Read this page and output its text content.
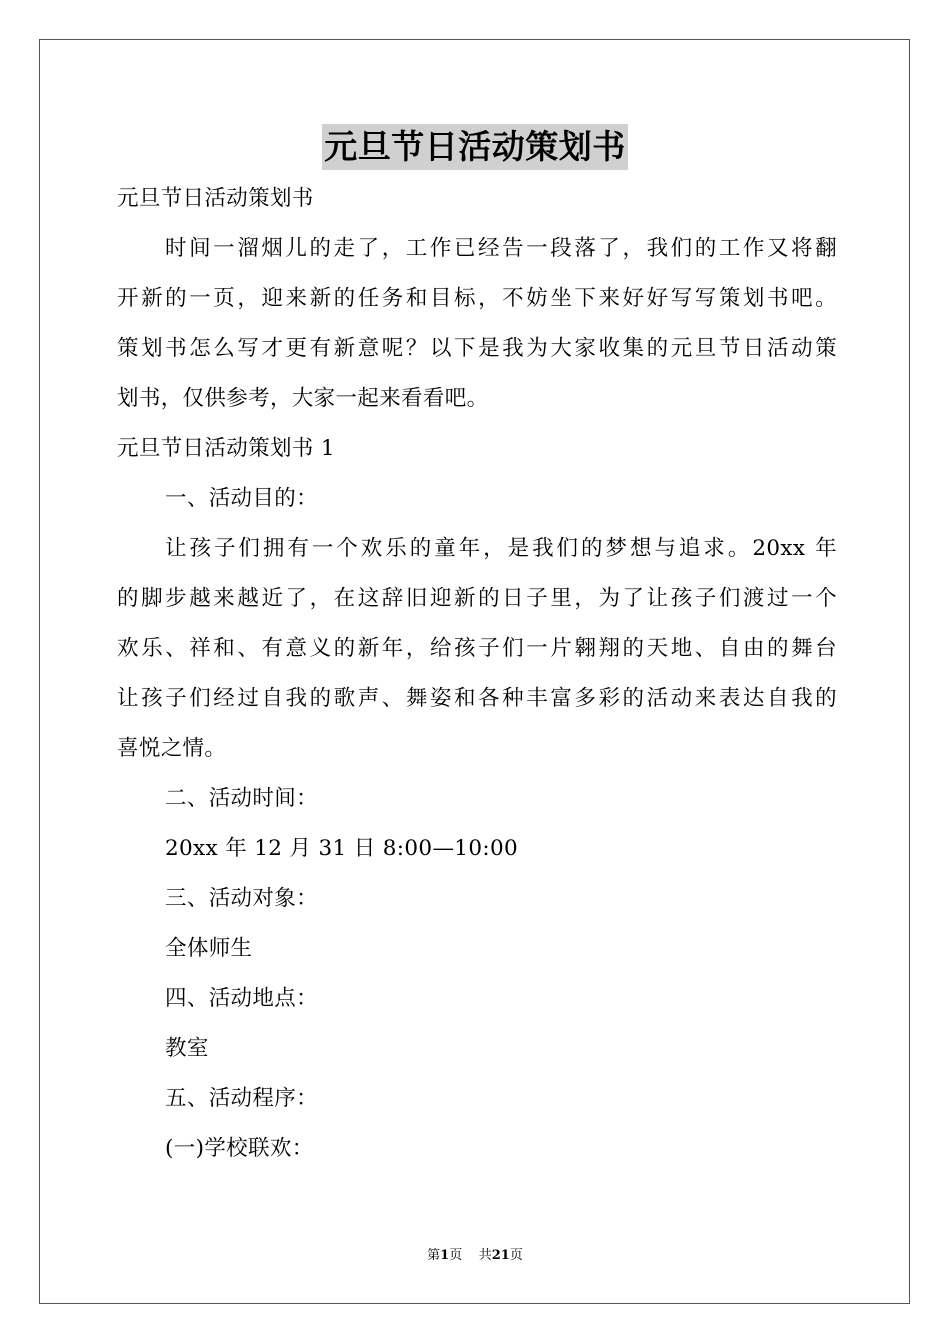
元旦节日活动策划书
元旦节日活动策划书
时间一溜烟儿的走了，工作已经告一段落了，我们的工作又将翻
开新的一页，迎来新的任务和目标，不妨坐下来好好写写策划书吧。
策划书怎么写才更有新意呢？以下是我为大家收集的元旦节日活动策
划书，仅供参考，大家一起来看看吧。
元旦节日活动策划书 1
一、活动目的：
让孩子们拥有一个欢乐的童年，是我们的梦想与追求。20xx 年
的脚步越来越近了，在这辞旧迎新的日子里，为了让孩子们渡过一个
欢乐、祥和、有意义的新年，给孩子们一片翱翔的天地、自由的舞台
让孩子们经过自我的歌声、舞姿和各种丰富多彩的活动来表达自我的
喜悦之情。
二、活动时间：
20xx 年 12 月 31 日 8:00—10:00
三、活动对象：
全体师生
四、活动地点：
教室
五、活动程序：
(一)学校联欢：
第1页 共21页
